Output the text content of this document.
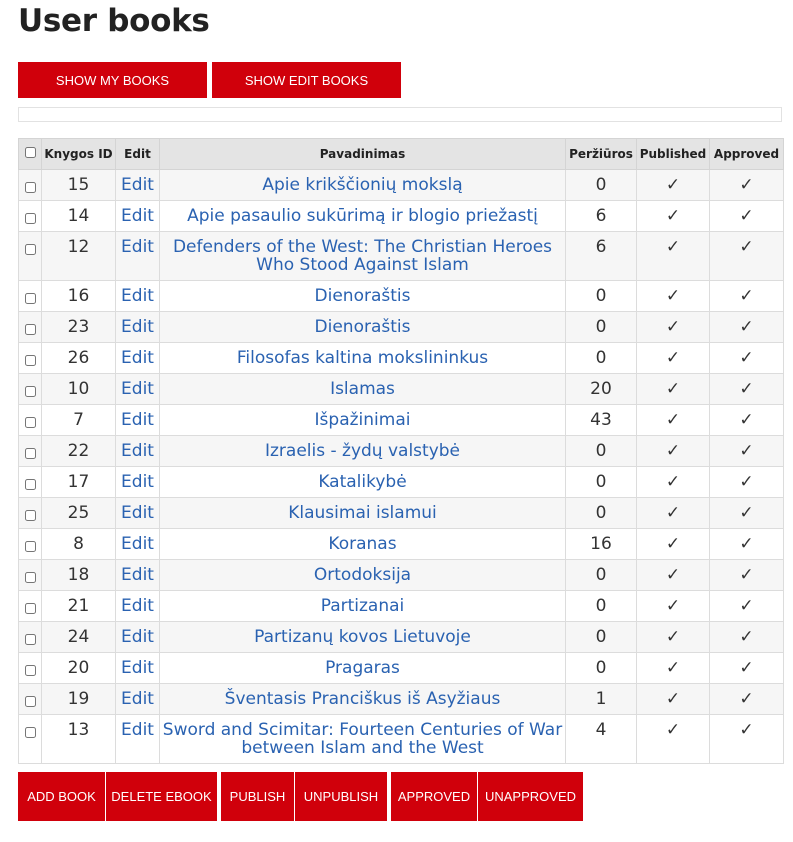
User books
SHOW MY BOOKS	SHOW EDIT BOOKS
	Knygos ID	Edit	Pavadinimas	Peržiūros	Published	Approved
	15	Edit	Apie krikščionių mokslą	0	✓	✓
	14	Edit	Apie pasaulio sukūrimą ir blogio priežastį	6	✓	✓
	12	Edit	Defenders of the West: The Christian Heroes Who Stood Against Islam	6	✓	✓
	16	Edit	Dienoraštis	0	✓	✓
	23	Edit	Dienoraštis	0	✓	✓
	26	Edit	Filosofas kaltina mokslininkus	0	✓	✓
	10	Edit	Islamas	20	✓	✓
	7	Edit	Išpažinimai	43	✓	✓
	22	Edit	Izraelis - žydų valstybė	0	✓	✓
	17	Edit	Katalikybė	0	✓	✓
	25	Edit	Klausimai islamui	0	✓	✓
	8	Edit	Koranas	16	✓	✓
	18	Edit	Ortodoksija	0	✓	✓
	21	Edit	Partizanai	0	✓	✓
	24	Edit	Partizanų kovos Lietuvoje	0	✓	✓
	20	Edit	Pragaras	0	✓	✓
	19	Edit	Šventasis Pranciškus iš Asyžiaus	1	✓	✓
	13	Edit	Sword and Scimitar: Fourteen Centuries of War between Islam and the West	4	✓	✓
ADD BOOK	DELETE EBOOK	PUBLISH	UNPUBLISH	APPROVED	UNAPPROVED
